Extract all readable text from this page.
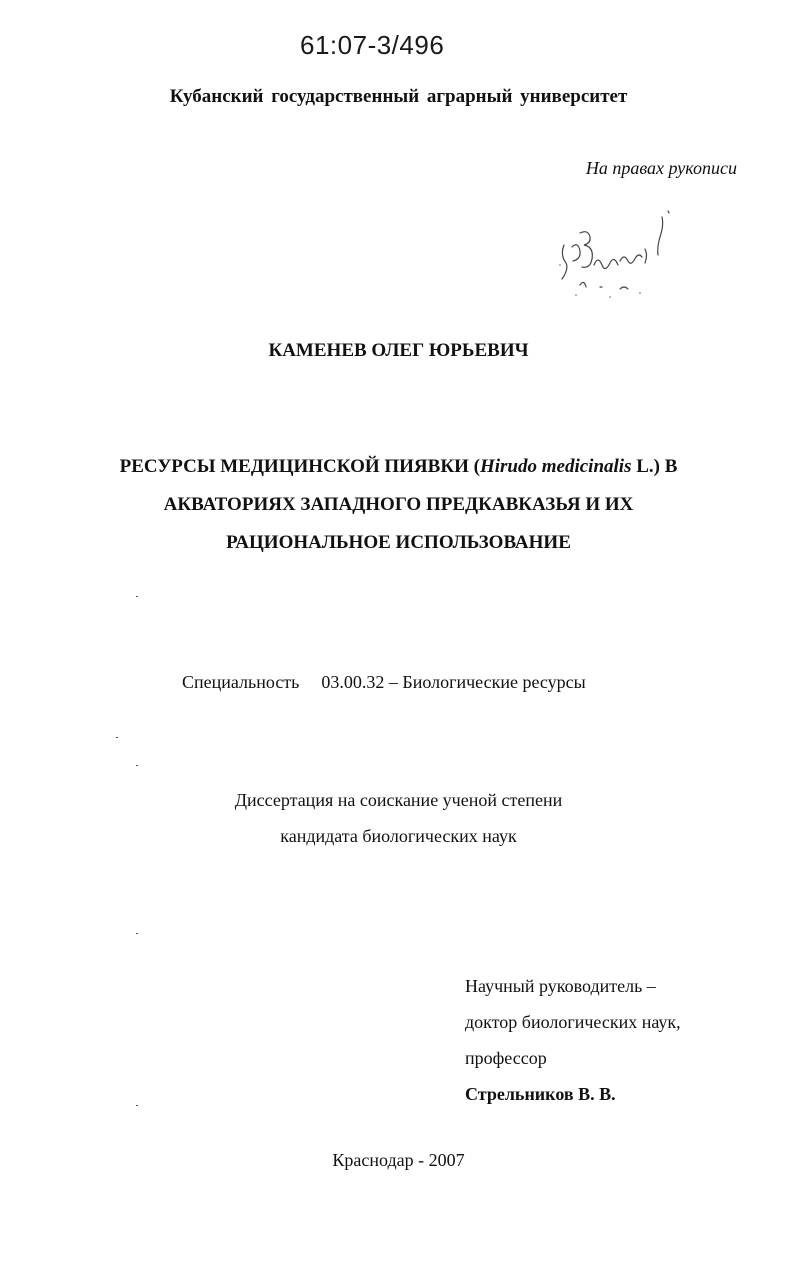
61:07-3/496
Кубанский государственный аграрный университет
На правах рукописи
КАМЕНЕВ ОЛЕГ ЮРЬЕВИЧ
РЕСУРСЫ МЕДИЦИНСКОЙ ПИЯВКИ (Hirudo medicinalis L.) В
АКВАТОРИЯХ ЗАПАДНОГО ПРЕДКАВКАЗЬЯ И ИХ
РАЦИОНАЛЬНОЕ ИСПОЛЬЗОВАНИЕ
Специальность 03.00.32 – Биологические ресурсы
Диссертация на соискание ученой степени
кандидата биологических наук
Научный руководитель –
доктор биологических наук,
профессор
Стрельников В. В.
Краснодар - 2007
